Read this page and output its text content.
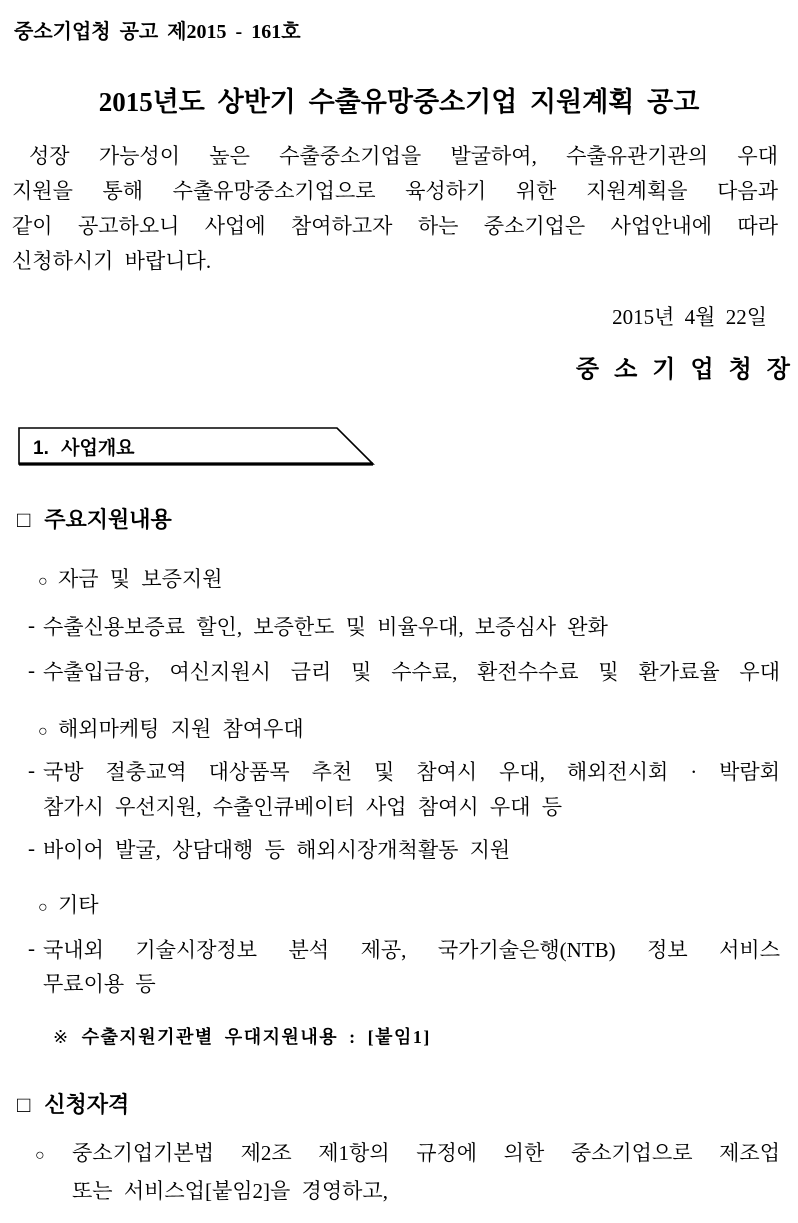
중소기업청 공고 제2015 - 161호
2015년도 상반기 수출유망중소기업 지원계획 공고
성장 가능성이 높은 수출중소기업을 발굴하여, 수출유관기관의 우대
지원을 통해 수출유망중소기업으로 육성하기 위한 지원계획을 다음과
같이 공고하오니 사업에 참여하고자 하는 중소기업은 사업안내에 따라
신청하시기 바랍니다.
2015년 4월 22일
중 소 기 업 청 장
1. 사업개요
□ 주요지원내용
○ 자금 및 보증지원
- 수출신용보증료 할인, 보증한도 및 비율우대, 보증심사 완화
- 수출입금융, 여신지원시 금리 및 수수료, 환전수수료 및 환가료율 우대
○ 해외마케팅 지원 참여우대
- 국방 절충교역 대상품목 추천 및 참여시 우대, 해외전시회 · 박람회
참가시 우선지원, 수출인큐베이터 사업 참여시 우대 등
- 바이어 발굴, 상담대행 등 해외시장개척활동 지원
○ 기타
- 국내외 기술시장정보 분석 제공, 국가기술은행(NTB) 정보 서비스
무료이용 등
※ 수출지원기관별 우대지원내용 : [붙임1]
□ 신청자격
○ 중소기업기본법 제2조 제1항의 규정에 의한 중소기업으로 제조업
또는 서비스업[붙임2]을 경영하고,
